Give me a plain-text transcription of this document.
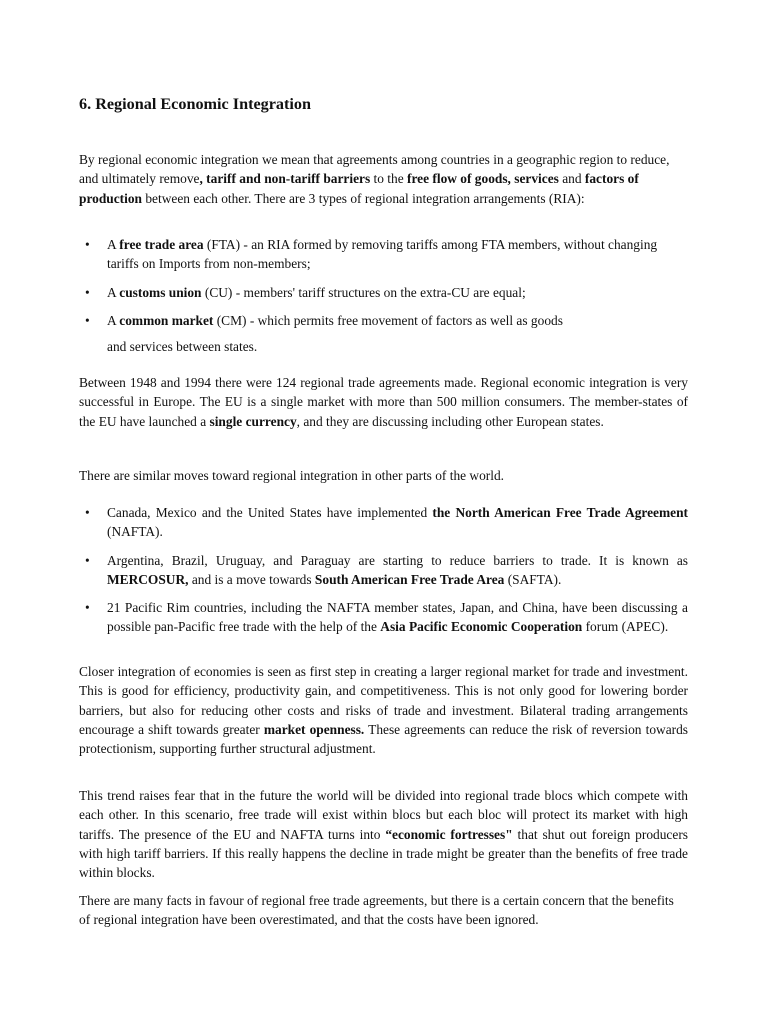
6. Regional Economic Integration

By regional economic integration we mean that agreements among countries in a geographic region to reduce, and ultimately remove, tariff and non-tariff barriers to the free flow of goods, services and factors of production between each other. There are 3 types of regional integration arrangements (RIA):

• A free trade area (FTA) - an RIA formed by removing tariffs among FTA members, without changing tariffs on Imports from non-members;
• A customs union (CU) - members' tariff structures on the extra-CU are equal;
• A common market (CM) - which permits free movement of factors as well as goods

and services between states.

Between 1948 and 1994 there were 124 regional trade agreements made. Regional economic integration is very successful in Europe. The EU is a single market with more than 500 million consumers. The member-states of the EU have launched a single currency, and they are discussing including other European states.

There are similar moves toward regional integration in other parts of the world.

• Canada, Mexico and the United States have implemented the North American Free Trade Agreement (NAFTA).
• Argentina, Brazil, Uruguay, and Paraguay are starting to reduce barriers to trade. It is known as MERCOSUR, and is a move towards South American Free Trade Area (SAFTA).
• 21 Pacific Rim countries, including the NAFTA member states, Japan, and China, have been discussing a possible pan-Pacific free trade with the help of the Asia Pacific Economic Cooperation forum (APEC).

Closer integration of economies is seen as first step in creating a larger regional market for trade and investment. This is good for efficiency, productivity gain, and competitiveness. This is not only good for lowering border barriers, but also for reducing other costs and risks of trade and investment. Bilateral trading arrangements encourage a shift towards greater market openness. These agreements can reduce the risk of reversion towards protectionism, supporting further structural adjustment.

This trend raises fear that in the future the world will be divided into regional trade blocs which compete with each other. In this scenario, free trade will exist within blocs but each bloc will protect its market with high tariffs. The presence of the EU and NAFTA turns into “economic fortresses" that shut out foreign producers with high tariff barriers. If this really happens the decline in trade might be greater than the benefits of free trade within blocks.

There are many facts in favour of regional free trade agreements, but there is a certain concern that the benefits of regional integration have been overestimated, and that the costs have been ignored.
